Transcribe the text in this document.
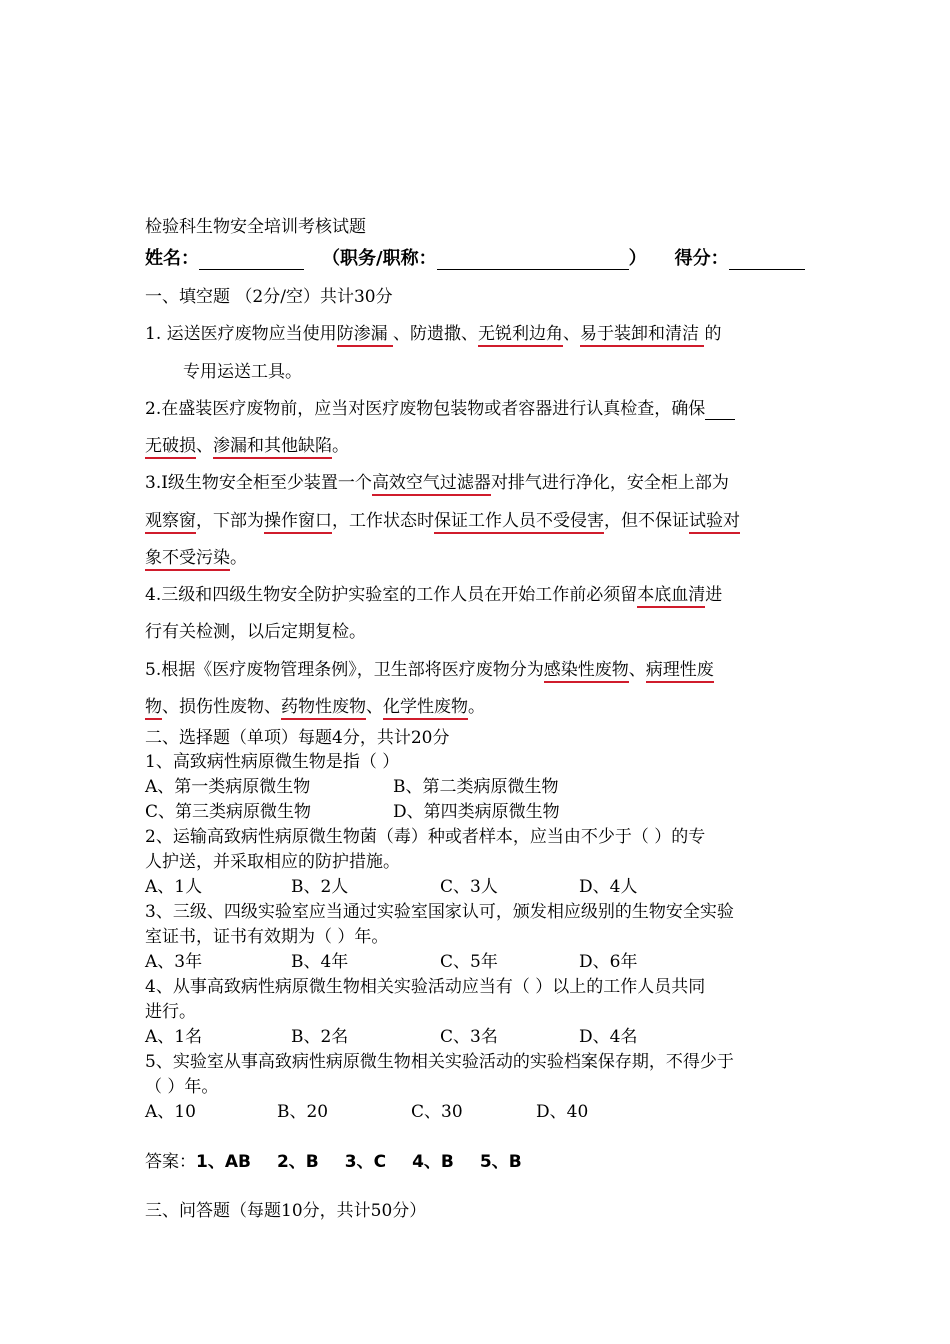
检验科生物安全培训考核试题
姓名：	（职务/职称：	） 得分：
一、填空题 （2分/空）共计30分
1. 运送医疗废物应当使用防渗漏 、防遗撒、无锐利边角、易于装卸和清洁 的
专用运送工具。
2.在盛装医疗废物前，应当对医疗废物包装物或者容器进行认真检查，确保
无破损、渗漏和其他缺陷。
3.Ⅰ级生物安全柜至少装置一个高效空气过滤器对排气进行净化，安全柜上部为
观察窗，下部为操作窗口，工作状态时保证工作人员不受侵害，但不保证试验对
象不受污染。
4.三级和四级生物安全防护实验室的工作人员在开始工作前必须留本底血清进
行有关检测，以后定期复检。
5.根据《医疗废物管理条例》，卫生部将医疗废物分为感染性废物、病理性废
物、损伤性废物、药物性废物、化学性废物。
二、选择题（单项）每题4分，共计20分
1、高致病性病原微生物是指（ ）
A、第一类病原微生物	B、第二类病原微生物
C、第三类病原微生物	D、第四类病原微生物
2、运输高致病性病原微生物菌（毒）种或者样本，应当由不少于（ ）的专
人护送，并采取相应的防护措施。
A、1人	B、2人	C、3人	D、4人
3、三级、四级实验室应当通过实验室国家认可，颁发相应级别的生物安全实验
室证书，证书有效期为（ ）年。
A、3年	B、4年	C、5年	D、6年
4、从事高致病性病原微生物相关实验活动应当有（ ）以上的工作人员共同
进行。
A、1名	B、2名	C、3名	D、4名
5、实验室从事高致病性病原微生物相关实验活动的实验档案保存期，不得少于
（ ）年。
A、10	B、20	C、30	D、40
答案：1、AB 2、B 3、C 4、B 5、B
三、问答题（每题10分，共计50分）
